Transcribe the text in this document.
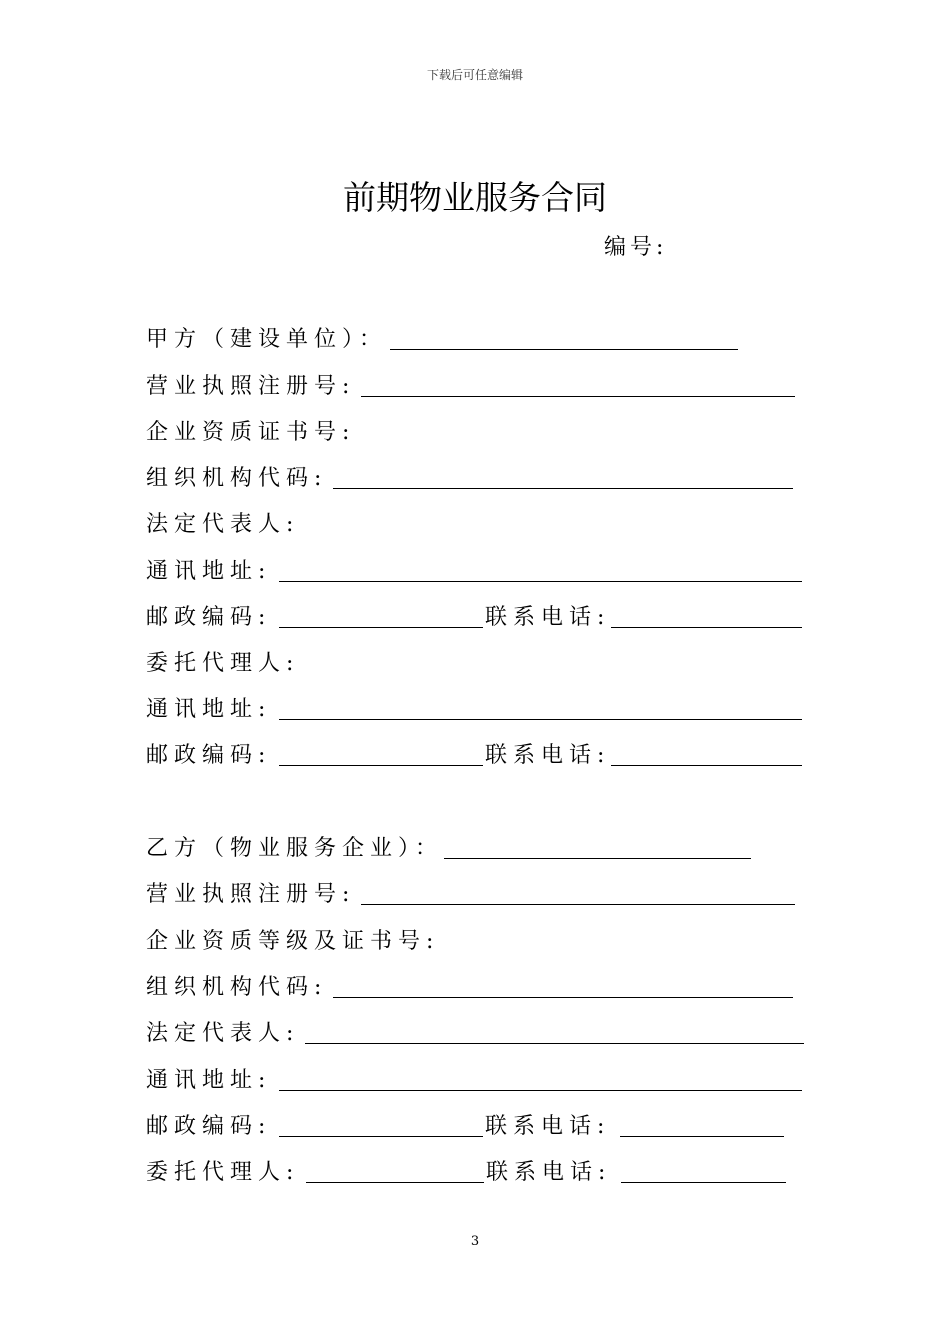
下载后可任意编辑
前期物业服务合同
编号:
甲方（建设单位）：
营业执照注册号:
企业资质证书号:
组织机构代码:
法定代表人:
通讯地址:
邮政编码:	联系电话:
委托代理人:
通讯地址:
邮政编码:	联系电话:
乙方（物业服务企业）：
营业执照注册号:
企业资质等级及证书号:
组织机构代码:
法定代表人:
通讯地址:
邮政编码:	联系电话:
委托代理人:	联系电话:
3
